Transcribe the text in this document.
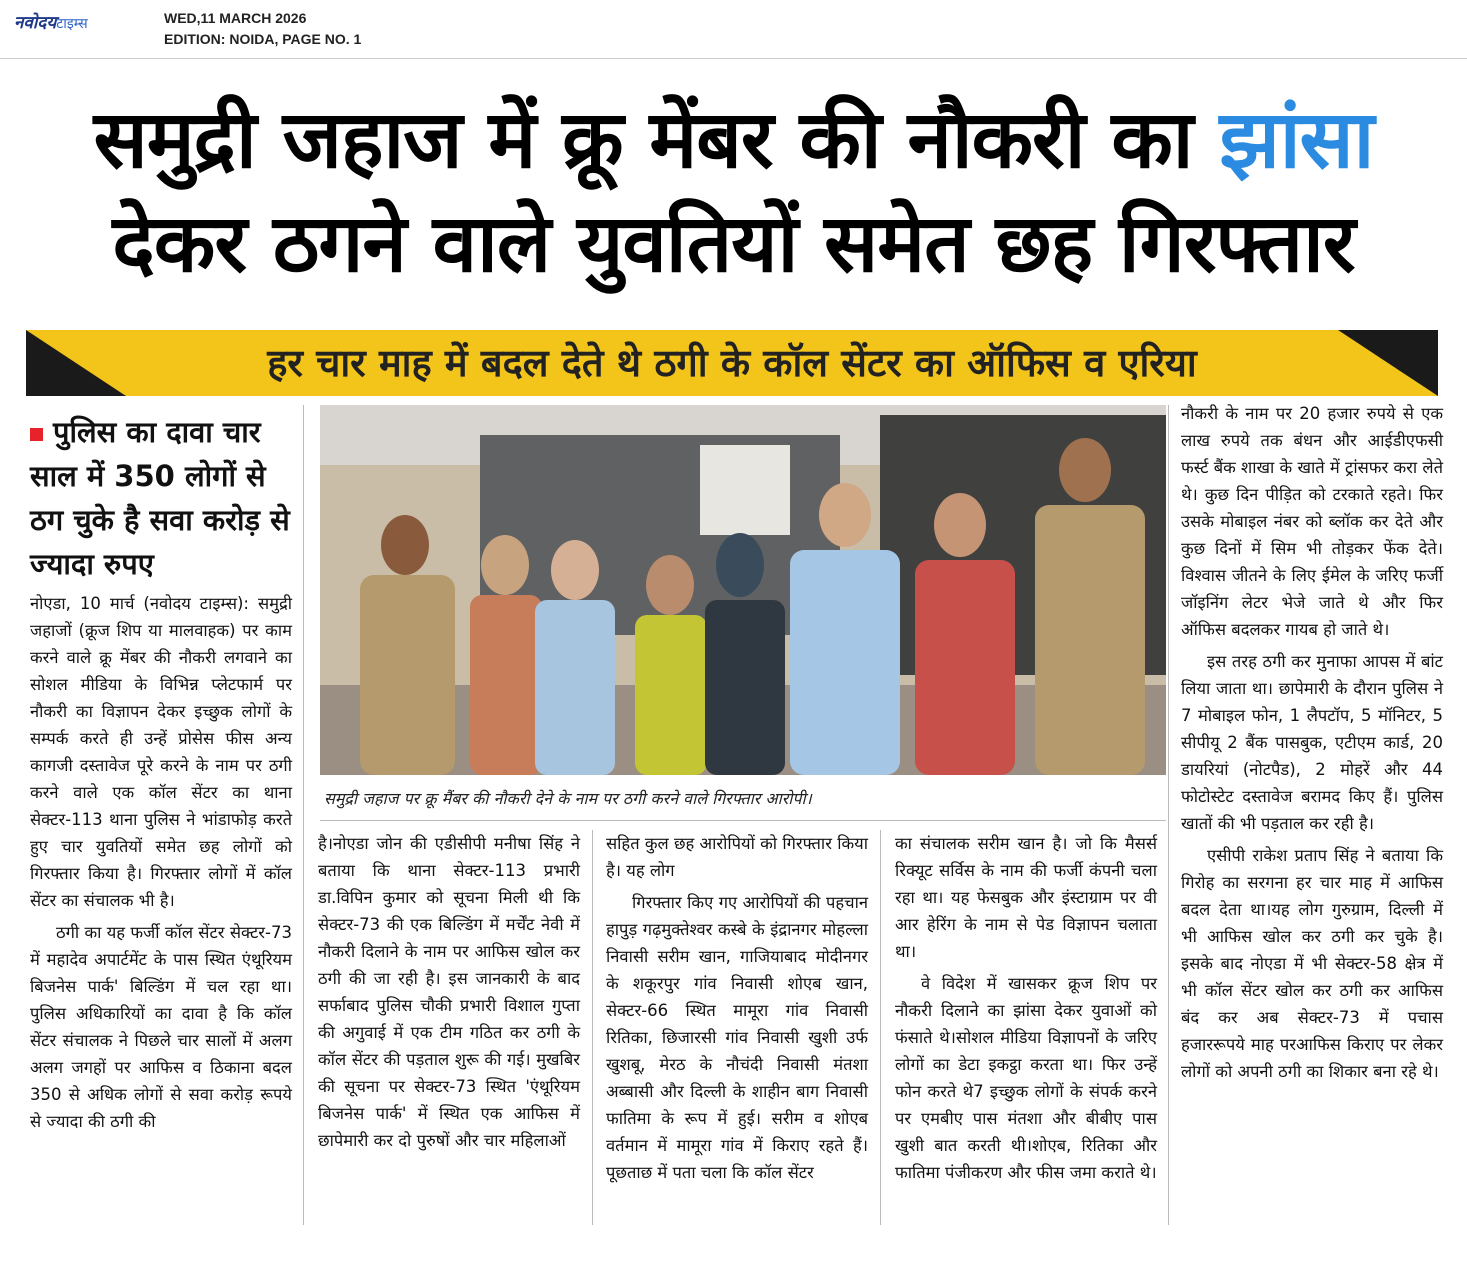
नवोदयटाइम्स	WED,11 MARCH 2026
EDITION: NOIDA, PAGE NO. 1
समुद्री जहाज में क्रू मेंबर की नौकरी का झांसा
देकर ठगने वाले युवतियों समेत छह गिरफ्तार
हर चार माह में बदल देते थे ठगी के कॉल सेंटर का ऑफिस व एरिया
पुलिस का दावा चार साल में 350 लोगों से ठग चुके है सवा करोड़ से ज्यादा रुपए

नोएडा, 10 मार्च (नवोदय टाइम्स): समुद्री जहाजों (क्रूज शिप या मालवाहक) पर काम करने वाले क्रू मेंबर की नौकरी लगवाने का सोशल मीडिया के विभिन्न प्लेटफार्म पर नौकरी का विज्ञापन देकर इच्छुक लोगों के सम्पर्क करते ही उन्हें प्रोसेस फीस अन्य कागजी दस्तावेज पूरे करने के नाम पर ठगी करने वाले एक कॉल सेंटर का थाना सेक्टर-113 थाना पुलिस ने भांडाफोड़ करते हुए चार युवतियों समेत छह लोगों को गिरफ्तार किया है। गिरफ्तार लोगों में कॉल सेंटर का संचालक भी है।

ठगी का यह फर्जी कॉल सेंटर सेक्टर-73 में महादेव अपार्टमेंट के पास स्थित एंथूरियम बिजनेस पार्क' बिल्डिंग में चल रहा था। पुलिस अधिकारियों का दावा है कि कॉल सेंटर संचालक ने पिछले चार सालों में अलग अलग जगहों पर आफिस व ठिकाना बदल 350 से अधिक लोगों से सवा करोड़ रूपये से ज्यादा की ठगी की

समुद्री जहाज पर क्रू मैंबर की नौकरी देने के नाम पर ठगी करने वाले गिरफ्तार आरोपी।

है।नोएडा जोन की एडीसीपी मनीषा सिंह ने बताया कि थाना सेक्टर-113 प्रभारी डा.विपिन कुमार को सूचना मिली थी कि सेक्टर-73 की एक बिल्डिंग में मर्चेंट नेवी में नौकरी दिलाने के नाम पर आफिस खोल कर ठगी की जा रही है। इस जानकारी के बाद सर्फाबाद पुलिस चौकी प्रभारी विशाल गुप्ता की अगुवाई में एक टीम गठित कर ठगी के कॉल सेंटर की पड़ताल शुरू की गई। मुखबिर की सूचना पर सेक्टर-73 स्थित 'एंथूरियम बिजनेस पार्क' में स्थित एक आफिस में छापेमारी कर दो पुरुषों और चार महिलाओं

सहित कुल छह आरोपियों को गिरफ्तार किया है। यह लोग

गिरफ्तार किए गए आरोपियों की पहचान हापुड़ गढ़मुक्तेश्वर कस्बे के इंद्रानगर मोहल्ला निवासी सरीम खान, गाजियाबाद मोदीनगर के शकूरपुर गांव निवासी शोएब खान, सेक्टर-66 स्थित मामूरा गांव निवासी रितिका, छिजारसी गांव निवासी खुशी उर्फ खुशबू, मेरठ के नौचंदी निवासी मंतशा अब्बासी और दिल्ली के शाहीन बाग निवासी फातिमा के रूप में हुई। सरीम व शोएब वर्तमान में मामूरा गांव में किराए रहते हैं।पूछताछ में पता चला कि कॉल सेंटर

का संचालक सरीम खान है। जो कि मैसर्स रिक्यूट सर्विस के नाम की फर्जी कंपनी चला रहा था। यह फेसबुक और इंस्टाग्राम पर वी आर हेरिंग के नाम से पेड विज्ञापन चलाता था।

वे विदेश में खासकर क्रूज शिप पर नौकरी दिलाने का झांसा देकर युवाओं को फंसाते थे।सोशल मीडिया विज्ञापनों के जरिए लोगों का डेटा इकट्ठा करता था। फिर उन्हें फोन करते थे7 इच्छुक लोगों के संपर्क करने पर एमबीए पास मंतशा और बीबीए पास खुशी बात करती थी।शोएब, रितिका और फातिमा पंजीकरण और फीस जमा कराते थे।

नौकरी के नाम पर 20 हजार रुपये से एक लाख रुपये तक बंधन और आईडीएफसी फर्स्ट बैंक शाखा के खाते में ट्रांसफर करा लेते थे। कुछ दिन पीड़ित को टरकाते रहते। फिर उसके मोबाइल नंबर को ब्लॉक कर देते और कुछ दिनों में सिम भी तोड़कर फेंक देते। विश्वास जीतने के लिए ईमेल के जरिए फर्जी जॉइनिंग लेटर भेजे जाते थे और फिर ऑफिस बदलकर गायब हो जाते थे।

इस तरह ठगी कर मुनाफा आपस में बांट लिया जाता था। छापेमारी के दौरान पुलिस ने 7 मोबाइल फोन, 1 लैपटॉप, 5 मॉनिटर, 5 सीपीयू 2 बैंक पासबुक, एटीएम कार्ड, 20 डायरियां (नोटपैड), 2 मोहरें और 44 फोटोस्टेट दस्तावेज बरामद किए हैं। पुलिस खातों की भी पड़ताल कर रही है।

एसीपी राकेश प्रताप सिंह ने बताया कि गिरोह का सरगना हर चार माह में आफिस बदल देता था।यह लोग गुरुग्राम, दिल्ली में भी आफिस खोल कर ठगी कर चुके है। इसके बाद नोएडा में भी सेक्टर-58 क्षेत्र में भी कॉल सेंटर खोल कर ठगी कर आफिस बंद कर अब सेक्टर-73 में पचास हजाररूपये माह परआफिस किराए पर लेकर लोगों को अपनी ठगी का शिकार बना रहे थे।
